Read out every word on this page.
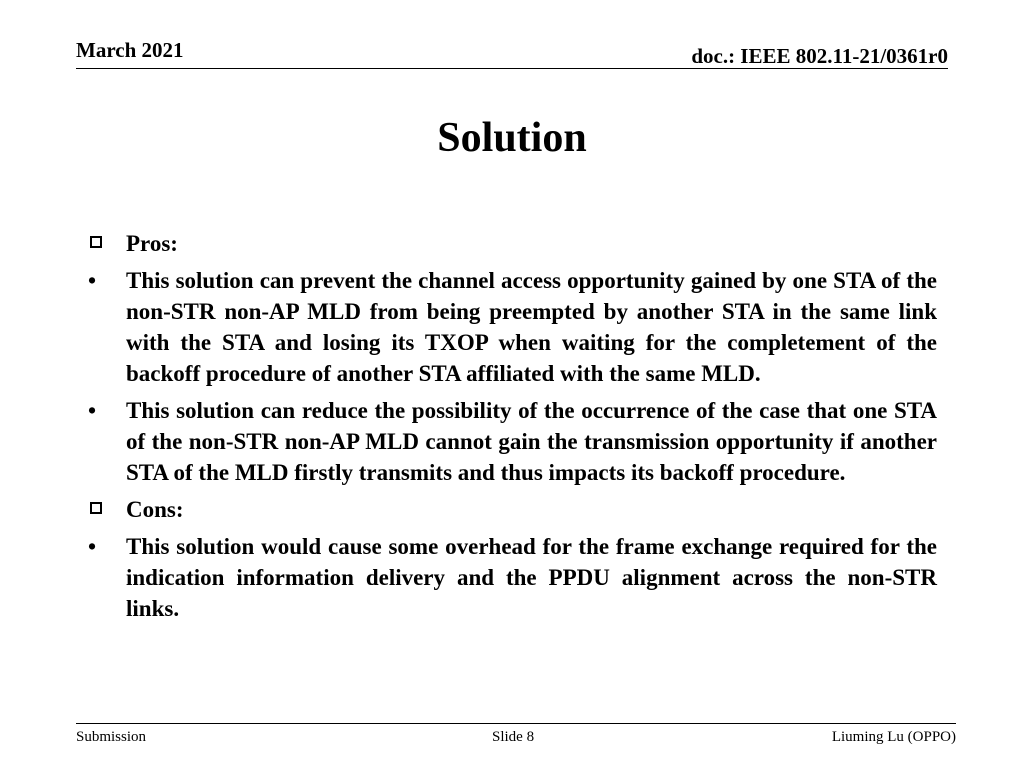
March 2021	doc.: IEEE 802.11-21/0361r0
Solution
Pros:
• This solution can prevent the channel access opportunity gained by one STA of the non-STR non-AP MLD from being preempted by another STA in the same link with the STA and losing its TXOP when waiting for the completement of the backoff procedure of another STA affiliated with the same MLD.
• This solution can reduce the possibility of the occurrence of the case that one STA of the non-STR non-AP MLD cannot gain the transmission opportunity if another STA of the MLD firstly transmits and thus impacts its backoff procedure.
Cons:
• This solution would cause some overhead for the frame exchange required for the indication information delivery and the PPDU alignment across the non-STR links.
Submission	Slide 8	Liuming Lu (OPPO)
